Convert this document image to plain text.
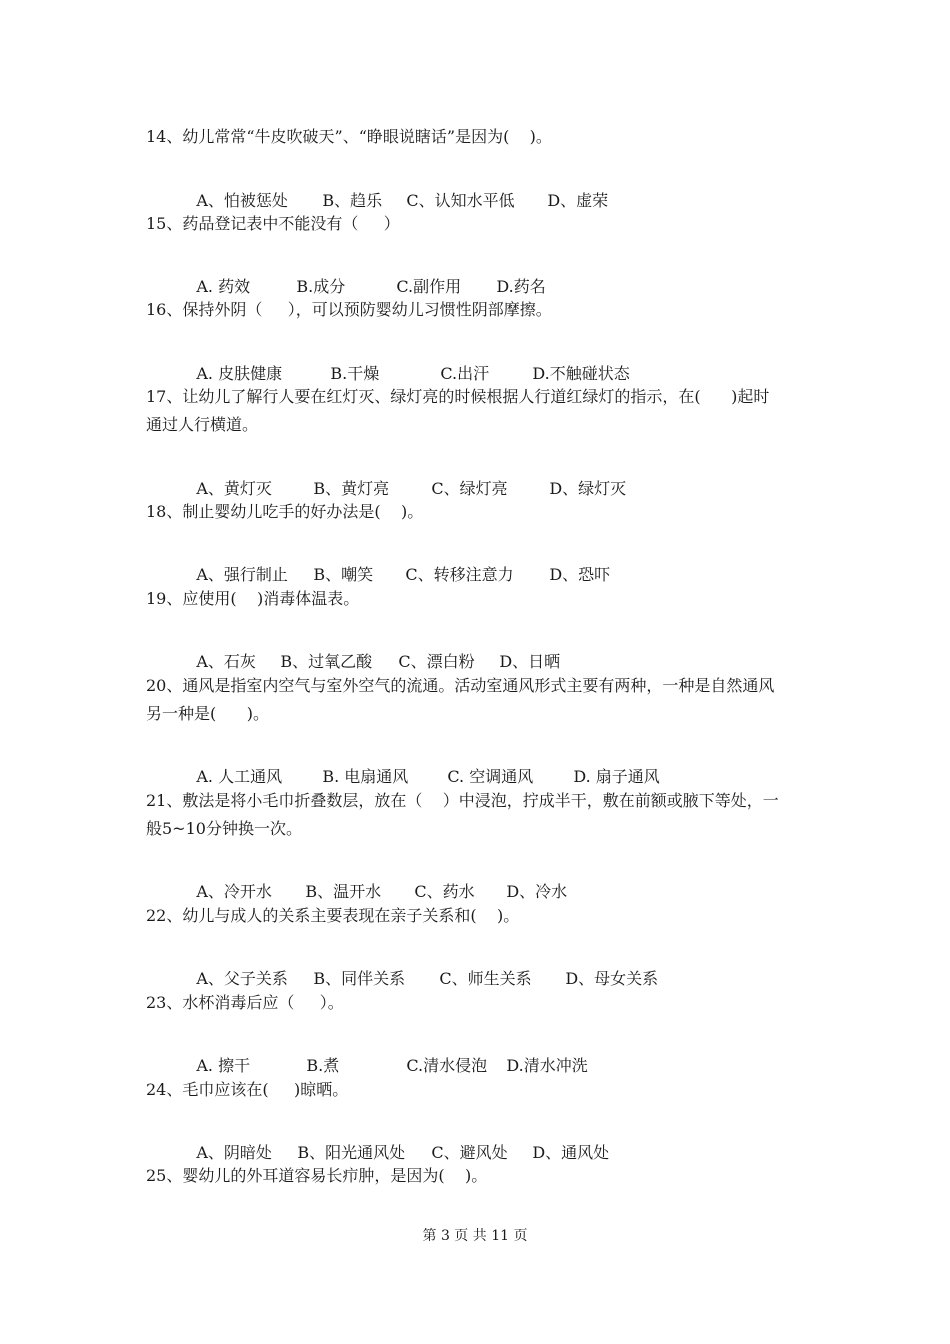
14、幼儿常常“牛皮吹破天”、“睁眼说瞎话”是因为(    )。

A、怕被惩处 B、趋乐 C、认知水平低 D、虚荣

15、药品登记表中不能没有（     ）

A. 药效	B.成分	C.副作用 D.药名

16、保持外阴（     ），可以预防婴幼儿习惯性阴部摩擦。

A. 皮肤健康	B.干燥	C.出汗	D.不触碰状态

17、让幼儿了解行人要在红灯灭、绿灯亮的时候根据人行道红绿灯的指示，在(      )起时
通过人行横道。

A、黄灯灭	B、黄灯亮	C、绿灯亮	D、绿灯灭

18、制止婴幼儿吃手的好办法是(    )。

A、强行制止 B、嘲笑 C、转移注意力 D、恐吓

19、应使用(    )消毒体温表。

A、石灰 B、过氧乙酸 C、漂白粉 D、日晒

20、通风是指室内空气与室外空气的流通。活动室通风形式主要有两种，一种是自然通风
另一种是(      )。

A. 人工通风	B. 电扇通风 C. 空调通风	D. 扇子通风

21、敷法是将小毛巾折叠数层，放在（    ）中浸泡，拧成半干，敷在前额或腋下等处，一
般5~10分钟换一次。

A、冷开水 B、温开水 C、药水 D、冷水

22、幼儿与成人的关系主要表现在亲子关系和(    )。

A、父子关系 B、同伴关系 C、师生关系 D、母女关系

23、水杯消毒后应（     ）。

A. 擦干	B.煮	C.清水侵泡 D.清水冲洗

24、毛巾应该在(     )晾晒。

A、阴暗处 B、阳光通风处 C、避风处 D、通风处

25、婴幼儿的外耳道容易长疖肿，是因为(    )。
第 3 页 共 11 页
